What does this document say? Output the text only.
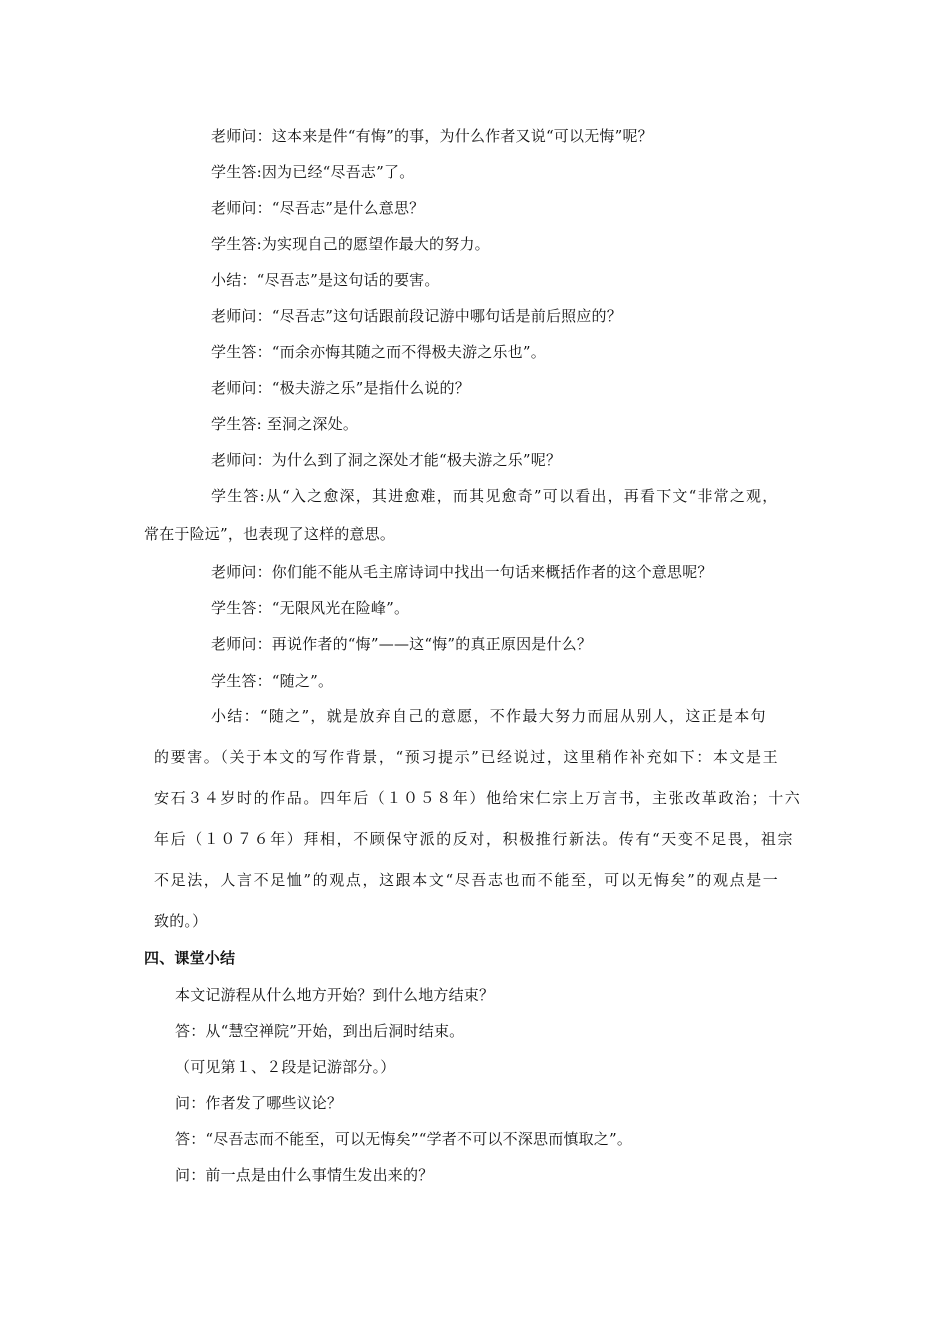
老师问：这本来是件“有悔”的事，为什么作者又说“可以无悔”呢？
学生答:因为已经“尽吾志”了。
老师问：“尽吾志”是什么意思？
学生答:为实现自己的愿望作最大的努力。
小结：“尽吾志”是这句话的要害。
老师问：“尽吾志”这句话跟前段记游中哪句话是前后照应的？
学生答：“而余亦悔其随之而不得极夫游之乐也”。
老师问：“极夫游之乐”是指什么说的？
学生答: 至洞之深处。
老师问：为什么到了洞之深处才能“极夫游之乐”呢？
学生答:从“入之愈深，其进愈难，而其见愈奇”可以看出，再看下文“非常之观，
常在于险远”，也表现了这样的意思。
老师问：你们能不能从毛主席诗词中找出一句话来概括作者的这个意思呢？
学生答：“无限风光在险峰”。
老师问：再说作者的“悔”——这“悔”的真正原因是什么？
学生答：“随之”。
小结：“随之”，就是放弃自己的意愿，不作最大努力而屈从别人，这正是本句
的要害。（关于本文的写作背景，“预习提示”已经说过，这里稍作补充如下：本文是王
安石３４岁时的作品。四年后（１０５８年）他给宋仁宗上万言书，主张改革政治；十六
年后（１０７６年）拜相，不顾保守派的反对，积极推行新法。传有“天变不足畏，祖宗
不足法，人言不足恤”的观点，这跟本文“尽吾志也而不能至，可以无悔矣”的观点是一
致的。）
四、课堂小结
本文记游程从什么地方开始？到什么地方结束？
答：从“慧空禅院”开始，到出后洞时结束。
（可见第１、２段是记游部分。）
问：作者发了哪些议论？
答：“尽吾志而不能至，可以无悔矣”“学者不可以不深思而慎取之”。
问：前一点是由什么事情生发出来的？
